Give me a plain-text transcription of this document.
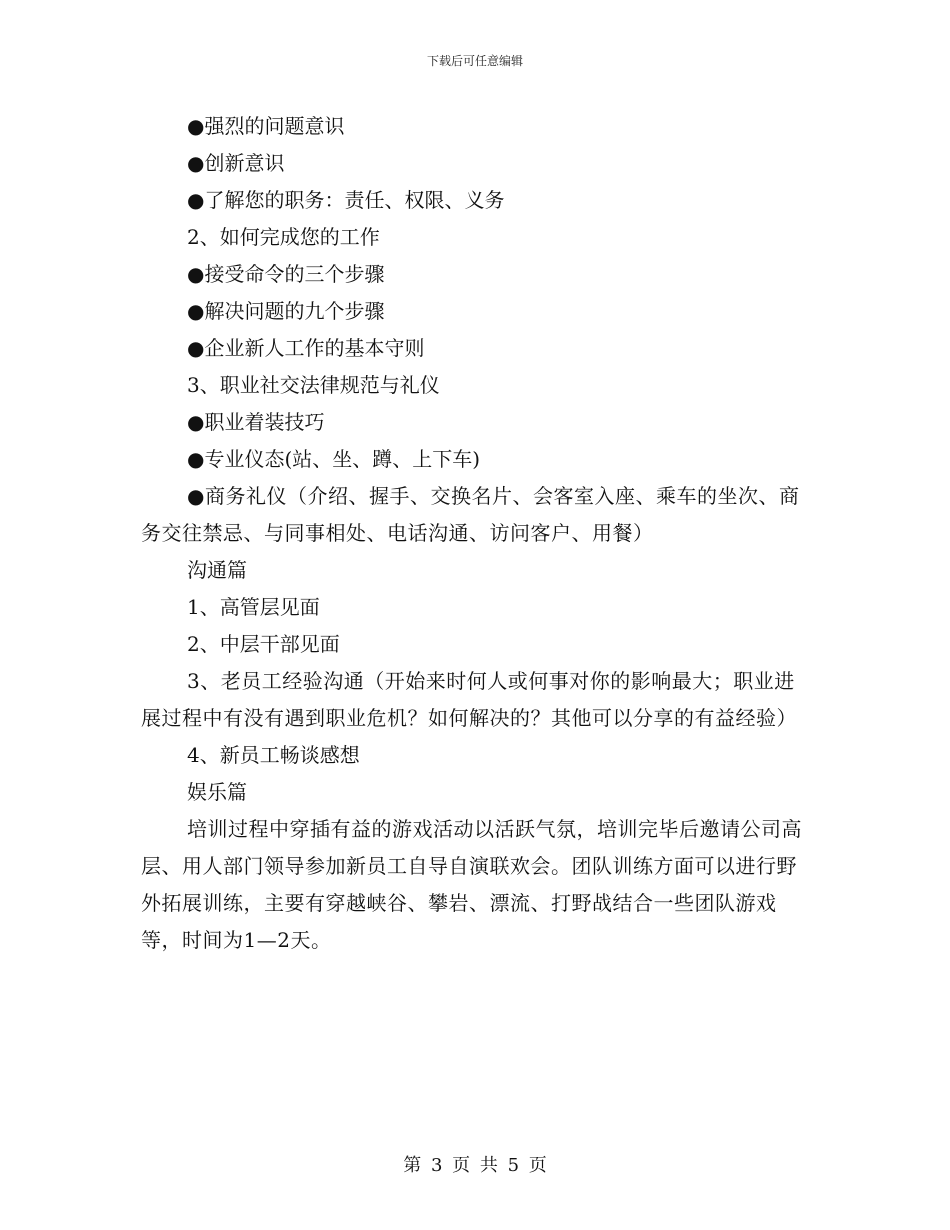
下载后可任意编辑

●强烈的问题意识

●创新意识

●了解您的职务：责任、权限、义务

2、如何完成您的工作

●接受命令的三个步骤

●解决问题的九个步骤

●企业新人工作的基本守则

3、职业社交法律规范与礼仪

●职业着装技巧

●专业仪态(站、坐、蹲、上下车)

●商务礼仪（介绍、握手、交换名片、会客室入座、乘车的坐次、商务交往禁忌、与同事相处、电话沟通、访问客户、用餐）

沟通篇

1、高管层见面

2、中层干部见面

3、老员工经验沟通（开始来时何人或何事对你的影响最大；职业进展过程中有没有遇到职业危机？如何解决的？其他可以分享的有益经验）

4、新员工畅谈感想

娱乐篇

培训过程中穿插有益的游戏活动以活跃气氛，培训完毕后邀请公司高层、用人部门领导参加新员工自导自演联欢会。团队训练方面可以进行野外拓展训练，主要有穿越峡谷、攀岩、漂流、打野战结合一些团队游戏等，时间为1—2天。

第 3 页 共 5 页
